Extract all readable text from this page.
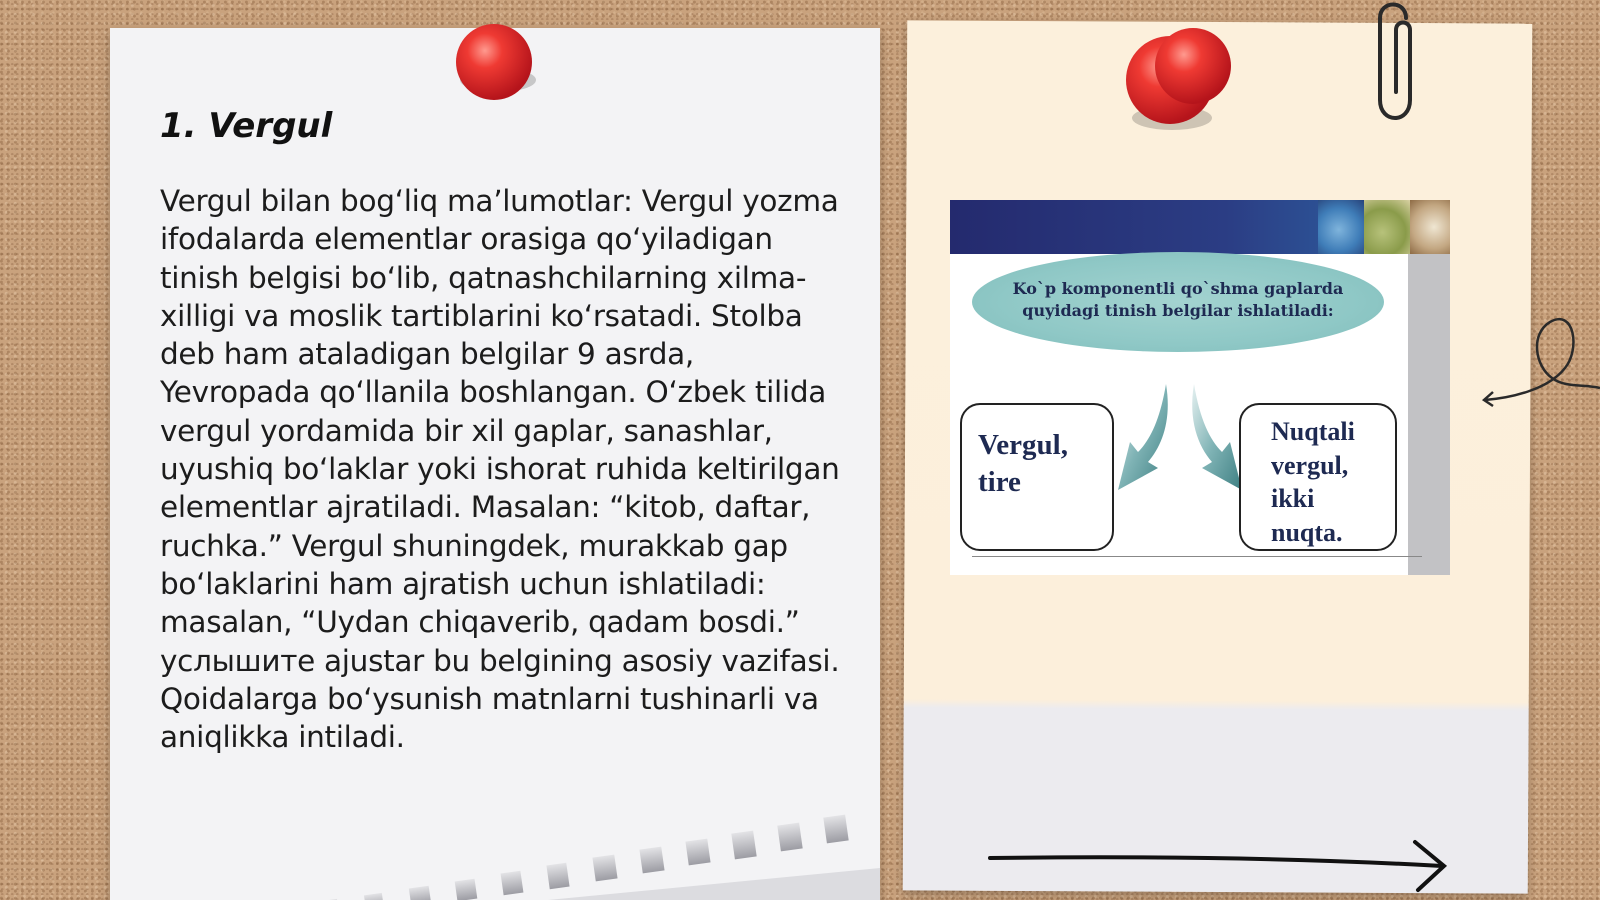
1. Vergul
Vergul bilan bog‘liq ma’lumotlar: Vergul yozma ifodalarda elementlar orasiga qo‘yiladigan tinish belgisi bo‘lib, qatnashchilarning xilma-xilligi va moslik tartiblarini ko‘rsatadi. Stolba deb ham ataladigan belgilar 9 asrda, Yevropada qo‘llanila boshlangan. O‘zbek tilida vergul yordamida bir xil gaplar, sanashlar, uyushiq bo‘laklar yoki ishorat ruhida keltirilgan elementlar ajratiladi. Masalan: “kitob, daftar, ruchka.” Vergul shuningdek, murakkab gap bo‘laklarini ham ajratish uchun ishlatiladi: masalan, “Uydan chiqaverib, qadam bosdi.” услышите ajustar bu belgining asosiy vazifasi. Qoidalarga bo‘ysunish matnlarni tushinarli va aniqlikka intiladi.
Ko`p komponentli qo`shma gaplarda
quyidagi tinish belgilar ishlatiladi:
Vergul,
tire
Nuqtali
vergul,
ikki
nuqta.
